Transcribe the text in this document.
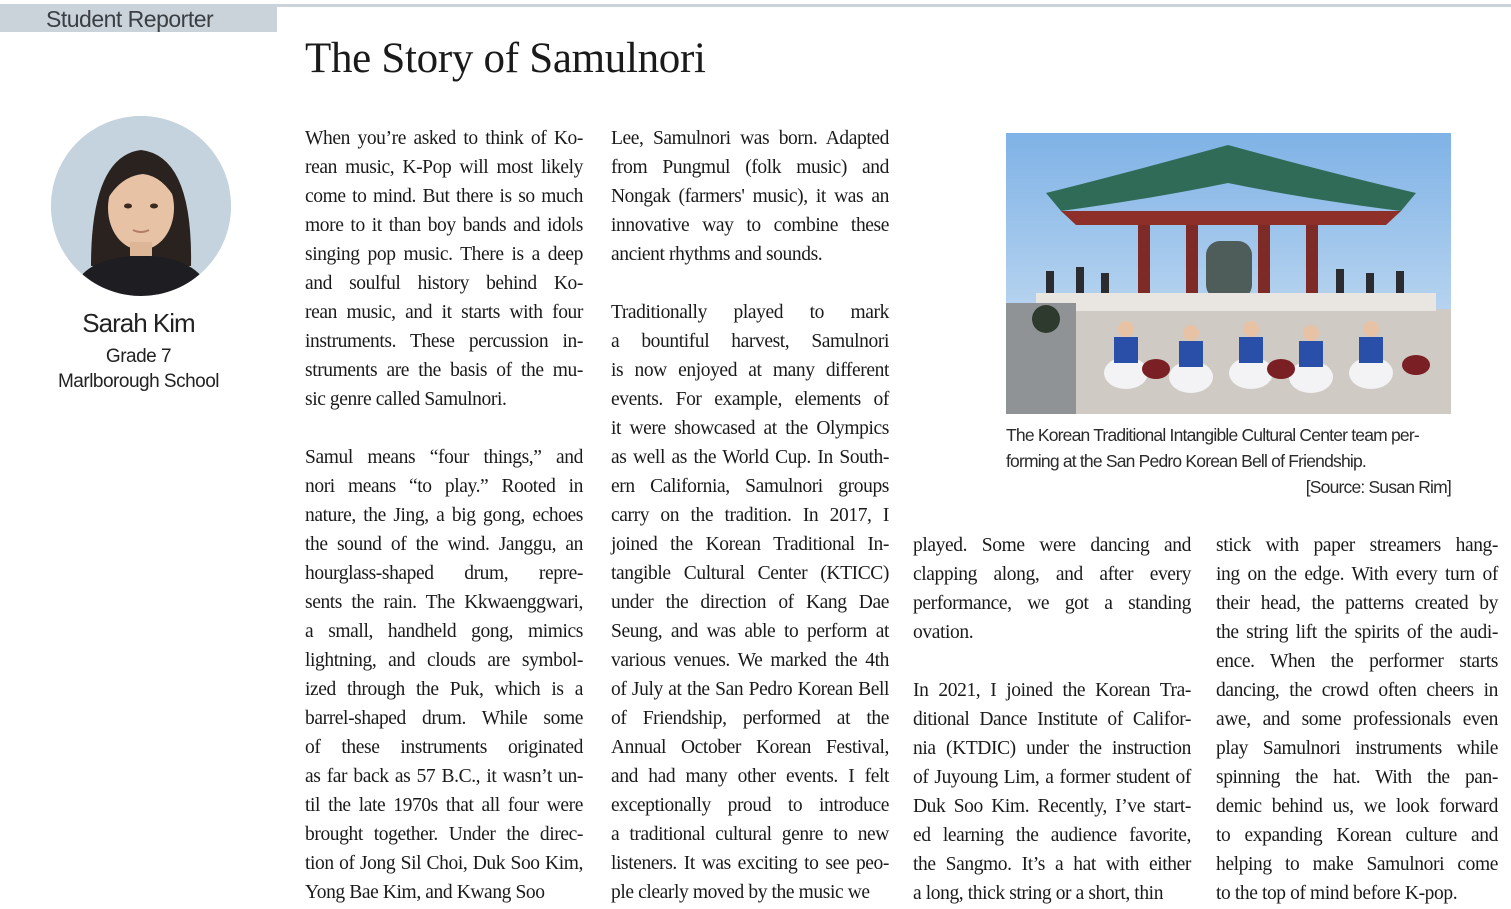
Student Reporter
The Story of Samulnori
Sarah Kim
Grade 7
Marlborough School
When you’re asked to think of Ko-
rean music, K-Pop will most likely
come to mind. But there is so much
more to it than boy bands and idols
singing pop music. There is a deep
and soulful history behind Ko-
rean music, and it starts with four
instruments. These percussion in-
struments are the basis of the mu-
sic genre called Samulnori.
Samul means “four things,” and
nori means “to play.” Rooted in
nature, the Jing, a big gong, echoes
the sound of the wind. Janggu, an
hourglass-shaped drum, repre-
sents the rain. The Kkwaenggwari,
a small, handheld gong, mimics
lightning, and clouds are symbol-
ized through the Puk, which is a
barrel-shaped drum. While some
of these instruments originated
as far back as 57 B.C., it wasn’t un-
til the late 1970s that all four were
brought together. Under the direc-
tion of Jong Sil Choi, Duk Soo Kim,
Yong Bae Kim, and Kwang Soo
Lee, Samulnori was born. Adapted
from Pungmul (folk music) and
Nongak (farmers' music), it was an
innovative way to combine these
ancient rhythms and sounds.
Traditionally played to mark
a bountiful harvest, Samulnori
is now enjoyed at many different
events. For example, elements of
it were showcased at the Olympics
as well as the World Cup. In South-
ern California, Samulnori groups
carry on the tradition. In 2017, I
joined the Korean Traditional In-
tangible Cultural Center (KTICC)
under the direction of Kang Dae
Seung, and was able to perform at
various venues. We marked the 4th
of July at the San Pedro Korean Bell
of Friendship, performed at the
Annual October Korean Festival,
and had many other events. I felt
exceptionally proud to introduce
a traditional cultural genre to new
listeners. It was exciting to see peo-
ple clearly moved by the music we
The Korean Traditional Intangible Cultural Center team per-
forming at the San Pedro Korean Bell of Friendship.
[Source: Susan Rim]
played. Some were dancing and
clapping along, and after every
performance, we got a standing
ovation.
In 2021, I joined the Korean Tra-
ditional Dance Institute of Califor-
nia (KTDIC) under the instruction
of Juyoung Lim, a former student of
Duk Soo Kim. Recently, I’ve start-
ed learning the audience favorite,
the Sangmo. It’s a hat with either
a long, thick string or a short, thin
stick with paper streamers hang-
ing on the edge. With every turn of
their head, the patterns created by
the string lift the spirits of the audi-
ence. When the performer starts
dancing, the crowd often cheers in
awe, and some professionals even
play Samulnori instruments while
spinning the hat. With the pan-
demic behind us, we look forward
to expanding Korean culture and
helping to make Samulnori come
to the top of mind before K-pop.
